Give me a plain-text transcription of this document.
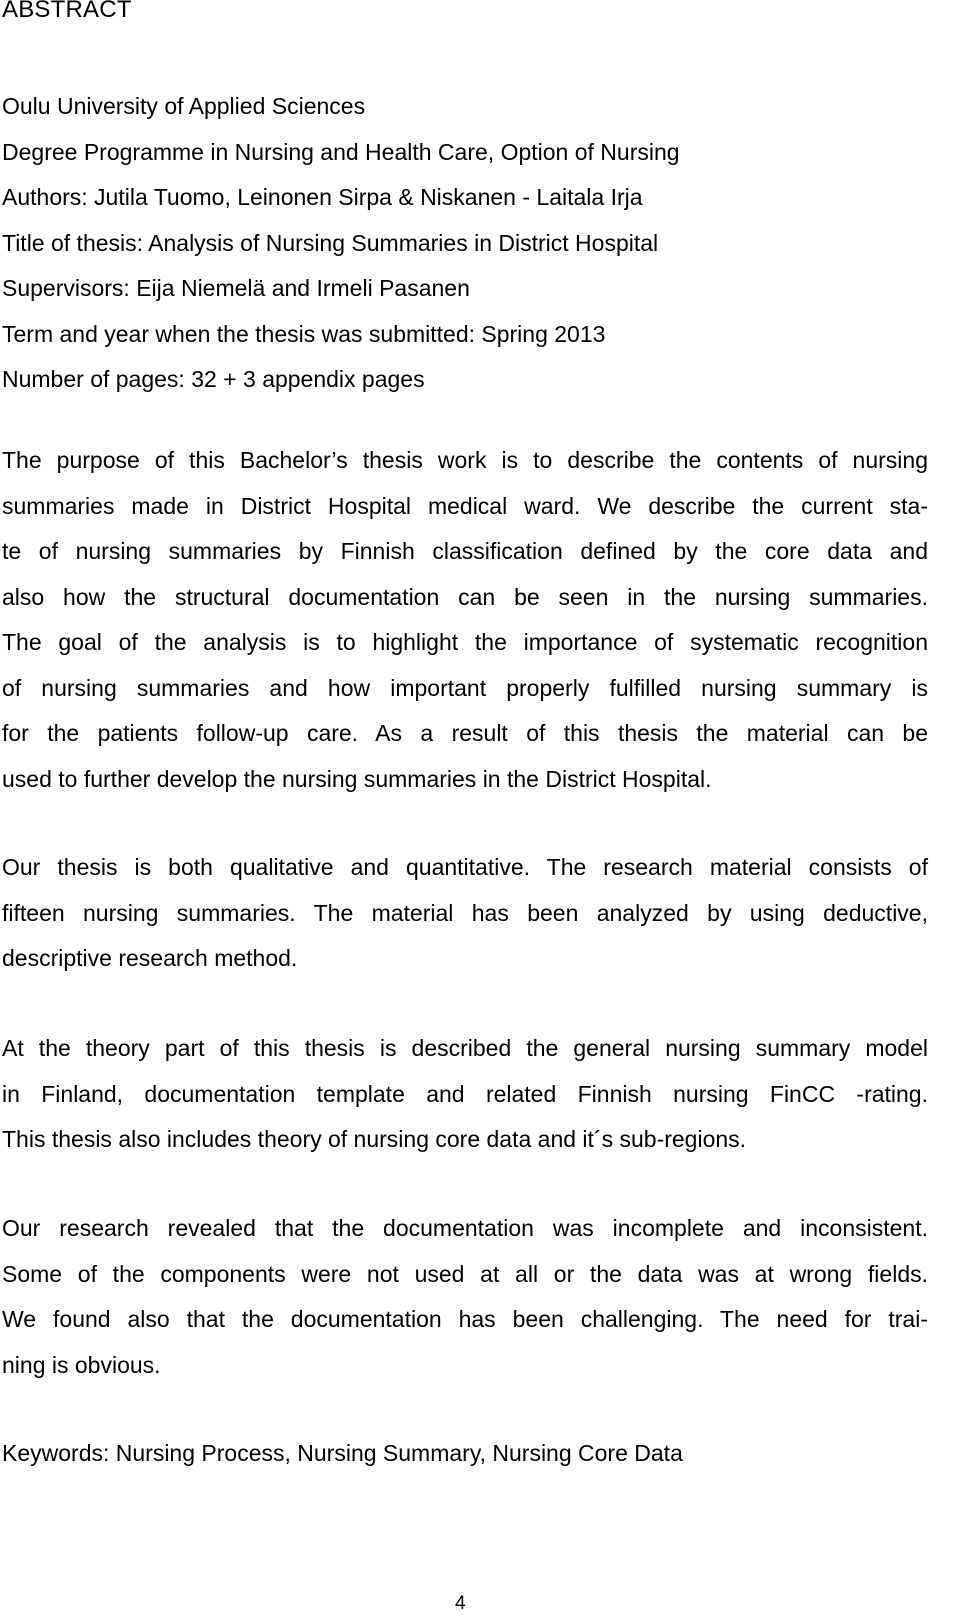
ABSTRACT
Oulu University of Applied Sciences
Degree Programme in Nursing and Health Care, Option of Nursing
Authors: Jutila Tuomo, Leinonen Sirpa & Niskanen - Laitala Irja
Title of thesis: Analysis of Nursing Summaries in District Hospital
Supervisors: Eija Niemelä and Irmeli Pasanen
Term and year when the thesis was submitted: Spring 2013
Number of pages: 32 + 3 appendix pages
The purpose of this Bachelor’s thesis work is to describe the contents of nursing
summaries made in District Hospital medical ward. We describe the current sta-
te of nursing summaries by Finnish classification defined by the core data and
also how the structural documentation can be seen in the nursing summaries.
The goal of the analysis is to highlight the importance of systematic recognition
of nursing summaries and how important properly fulfilled nursing summary is
for the patients follow-up care. As a result of this thesis the material can be
used to further develop the nursing summaries in the District Hospital.
Our thesis is both qualitative and quantitative. The research material consists of
fifteen nursing summaries. The material has been analyzed by using deductive,
descriptive research method.
At the theory part of this thesis is described the general nursing summary model
in Finland, documentation template and related Finnish nursing FinCC -rating.
This thesis also includes theory of nursing core data and it´s sub-regions.
Our research revealed that the documentation was incomplete and inconsistent.
Some of the components were not used at all or the data was at wrong fields.
We found also that the documentation has been challenging. The need for trai-
ning is obvious.
Keywords: Nursing Process, Nursing Summary, Nursing Core Data
4
